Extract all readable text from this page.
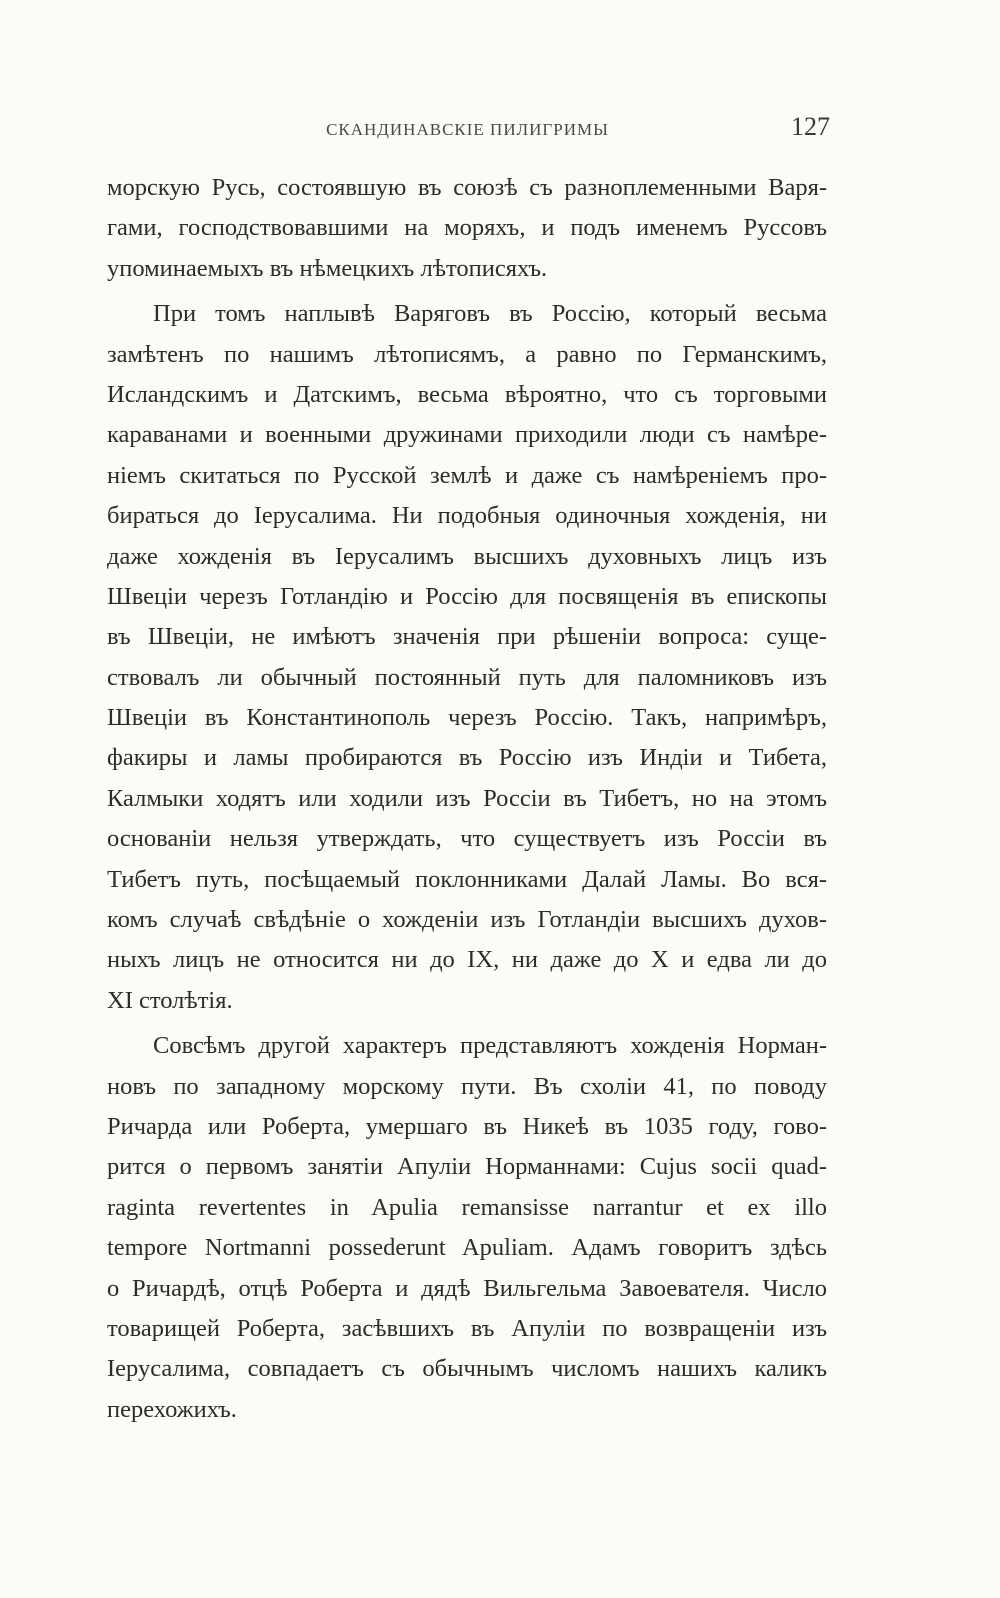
СКАНДИНАВСКІЕ ПИЛИГРИМЫ	127
морскую Русь, состоявшую въ союзѣ съ разноплеменными Варя-
гами, господствовавшими на моряхъ, и подъ именемъ Руссовъ
упоминаемыхъ въ нѣмецкихъ лѣтописяхъ.
При томъ наплывѣ Варяговъ въ Россію, который весьма
замѣтенъ по нашимъ лѣтописямъ, а равно по Германскимъ,
Исландскимъ и Датскимъ, весьма вѣроятно, что съ торговыми
караванами и военными дружинами приходили люди съ намѣре-
ніемъ скитаться по Русской землѣ и даже съ намѣреніемъ про-
бираться до Іерусалима. Ни подобныя одиночныя хожденія, ни
даже хожденія въ Іерусалимъ высшихъ духовныхъ лицъ изъ
Швеціи черезъ Готландію и Россію для посвященія въ епископы
въ Швеціи, не имѣютъ значенія при рѣшеніи вопроса: суще-
ствовалъ ли обычный постоянный путь для паломниковъ изъ
Швеціи въ Константинополь черезъ Россію. Такъ, напримѣръ,
факиры и ламы пробираются въ Россію изъ Индіи и Тибета,
Калмыки ходятъ или ходили изъ Россіи въ Тибетъ, но на этомъ
основаніи нельзя утверждать, что существуетъ изъ Россіи въ
Тибетъ путь, посѣщаемый поклонниками Далай Ламы. Во вся-
комъ случаѣ свѣдѣніе о хожденіи изъ Готландіи высшихъ духов-
ныхъ лицъ не относится ни до IX, ни даже до X и едва ли до
XI столѣтія.
Совсѣмъ другой характеръ представляютъ хожденія Норман-
новъ по западному морскому пути. Въ схоліи 41, по поводу
Ричарда или Роберта, умершаго въ Никеѣ въ 1035 году, гово-
рится о первомъ занятіи Апуліи Норманнами: Cujus socii quad-
raginta revertentes in Apulia remansisse narrantur et ex illo
tempore Nortmanni possederunt Apuliam. Адамъ говоритъ здѣсь
о Ричардѣ, отцѣ Роберта и дядѣ Вильгельма Завоевателя. Число
товарищей Роберта, засѣвшихъ въ Апуліи по возвращеніи изъ
Іерусалима, совпадаетъ съ обычнымъ числомъ нашихъ каликъ
перехожихъ.
